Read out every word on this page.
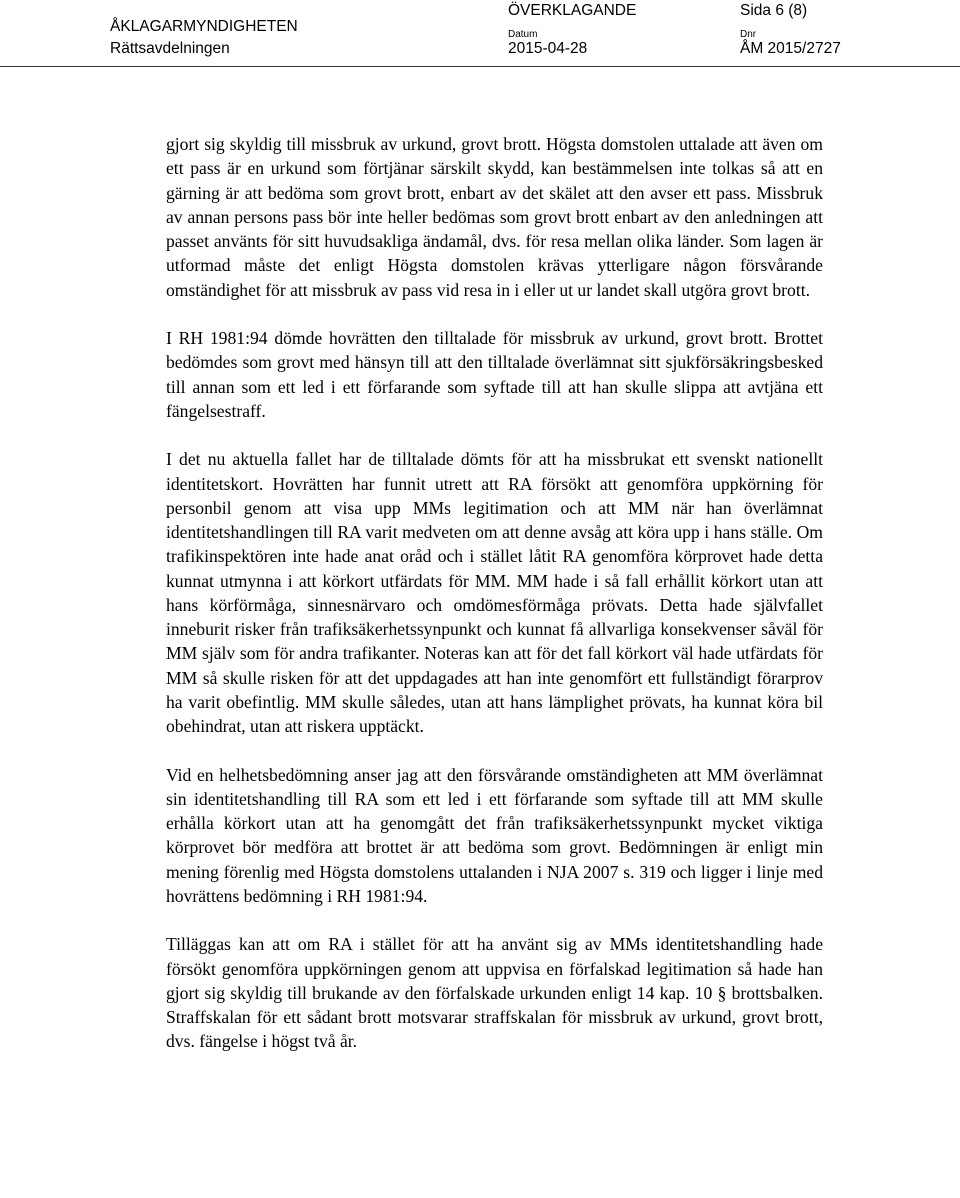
ÅKLAGARMYNDIGHETEN
Rättsavdelningen
ÖVERKLAGANDE	Sida 6 (8)
Datum	Dnr
2015-04-28	ÅM 2015/2727

gjort sig skyldig till missbruk av urkund, grovt brott. Högsta domstolen uttalade att även om ett pass är en urkund som förtjänar särskilt skydd, kan bestämmelsen inte tolkas så att en gärning är att bedöma som grovt brott, enbart av det skälet att den avser ett pass. Missbruk av annan persons pass bör inte heller bedömas som grovt brott enbart av den anledningen att passet använts för sitt huvudsakliga ändamål, dvs. för resa mellan olika länder. Som lagen är utformad måste det enligt Högsta domstolen krävas ytterligare någon försvårande omständighet för att missbruk av pass vid resa in i eller ut ur landet skall utgöra grovt brott.

I RH 1981:94 dömde hovrätten den tilltalade för missbruk av urkund, grovt brott. Brottet bedömdes som grovt med hänsyn till att den tilltalade överlämnat sitt sjukförsäkringsbesked till annan som ett led i ett förfarande som syftade till att han skulle slippa att avtjäna ett fängelsestraff.

I det nu aktuella fallet har de tilltalade dömts för att ha missbrukat ett svenskt nationellt identitetskort. Hovrätten har funnit utrett att RA försökt att genomföra uppkörning för personbil genom att visa upp MMs legitimation och att MM när han överlämnat identitetshandlingen till RA varit medveten om att denne avsåg att köra upp i hans ställe. Om trafikinspektören inte hade anat oråd och i stället låtit RA genomföra körprovet hade detta kunnat utmynna i att körkort utfärdats för MM. MM hade i så fall erhållit körkort utan att hans körförmåga, sinnesnärvaro och omdömesförmåga prövats. Detta hade självfallet inneburit risker från trafiksäkerhetssynpunkt och kunnat få allvarliga konsekvenser såväl för MM själv som för andra trafikanter. Noteras kan att för det fall körkort väl hade utfärdats för MM så skulle risken för att det uppdagades att han inte genomfört ett fullständigt förarprov ha varit obefintlig. MM skulle således, utan att hans lämplighet prövats, ha kunnat köra bil obehindrat, utan att riskera upptäckt.

Vid en helhetsbedömning anser jag att den försvårande omständigheten att MM överlämnat sin identitetshandling till RA som ett led i ett förfarande som syftade till att MM skulle erhålla körkort utan att ha genomgått det från trafiksäkerhetssynpunkt mycket viktiga körprovet bör medföra att brottet är att bedöma som grovt. Bedömningen är enligt min mening förenlig med Högsta domstolens uttalanden i NJA 2007 s. 319 och ligger i linje med hovrättens bedömning i RH 1981:94.

Tilläggas kan att om RA i stället för att ha använt sig av MMs identitetshandling hade försökt genomföra uppkörningen genom att uppvisa en förfalskad legitimation så hade han gjort sig skyldig till brukande av den förfalskade urkunden enligt 14 kap. 10 § brottsbalken. Straffskalan för ett sådant brott motsvarar straffskalan för missbruk av urkund, grovt brott, dvs. fängelse i högst två år.
